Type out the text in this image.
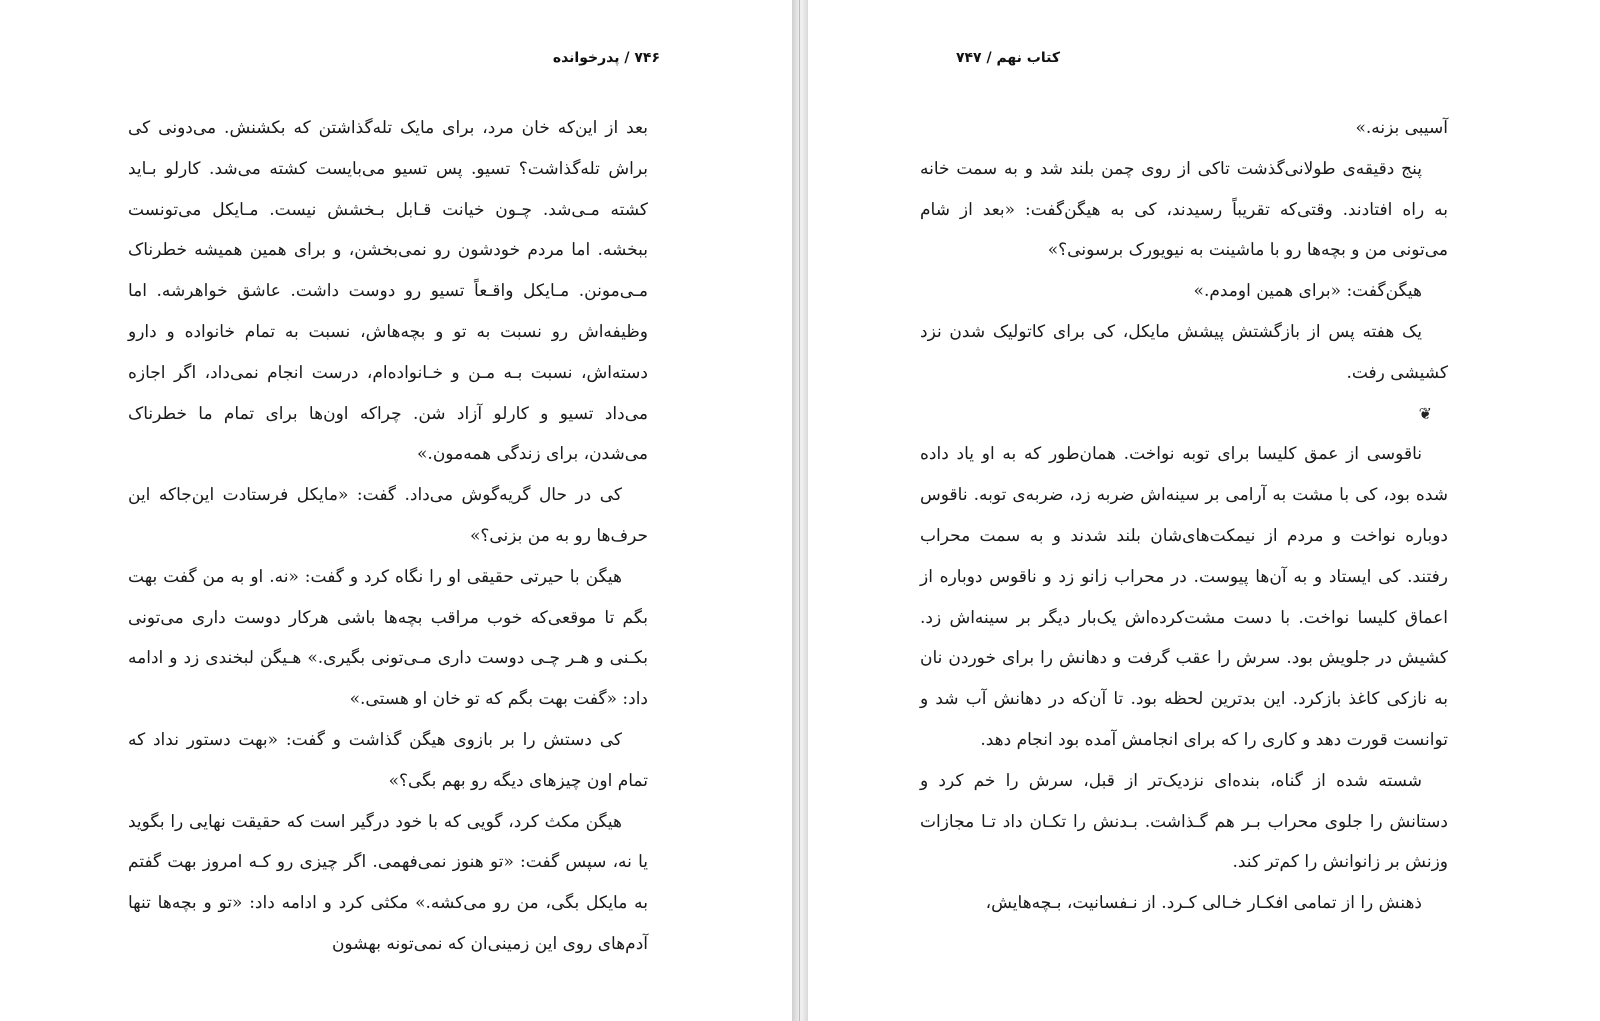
۷۴۶ / پدرخوانده

بعد از این‌که خان مرد، برای مایک تله‌گذاشتن که بکشنش. می‌دونی کی براش تله‌گذاشت؟ تسیو. پس تسیو می‌بایست کشته می‌شد. کارلو بـاید کشته مـی‌شد. چـون خیانت قـابل بـخشش نیست. مـایکل می‌تونست ببخشه. اما مردم خودشون رو نمی‌بخشن، و برای همین همیشه خطرناک مـی‌مونن. مـایکل واقـعاً تسیو رو دوست داشت. عاشق خواهرشه. اما وظیفه‌اش رو نسبت به تو و بچه‌هاش، نسبت به تمام خانواده و دارو دسته‌اش، نسبت بـه مـن و خـانواده‌ام، درست انجام نمی‌داد، اگر اجازه می‌داد تسیو و کارلو آزاد شن. چراکه اون‌ها برای تمام ما خطرناک می‌شدن، برای زندگی همه‌مون.»

کی در حال گریه‌گوش می‌داد. گفت: «مایکل فرستادت این‌جاکه این حرف‌ها رو به من بزنی؟»

هیگن با حیرتی حقیقی او را نگاه کرد و گفت: «نه. او به من گفت بهت بگم تا موقعی‌که خوب مراقب بچه‌ها باشی هرکار دوست داری می‌تونی بکـنی و هـر چـی دوست داری مـی‌تونی بگیری.» هـیگن لبخندی زد و ادامه داد: «گفت بهت بگم که تو خان او هستی.»

کی دستش را بر بازوی هیگن گذاشت و گفت: «بهت دستور نداد که تمام اون چیزهای دیگه رو بهم بگی؟»

هیگن مکث کرد، گویی که با خود درگیر است که حقیقت نهایی را بگوید یا نه، سپس گفت: «تو هنوز نمی‌فهمی. اگر چیزی رو کـه امروز بهت گفتم به مایکل بگی، من رو می‌کشه.» مکثی کرد و ادامه داد: «تو و بچه‌ها تنها آدم‌های روی این زمینی‌ان که نمی‌تونه بهشون

کتاب نهم / ۷۴۷

آسیبی بزنه.»

پنج دقیقه‌ی طولانی‌گذشت تاکی از روی چمن بلند شد و به سمت خانه به راه افتادند. وقتی‌که تقریباً رسیدند، کی به هیگن‌گفت: «بعد از شام می‌تونی من و بچه‌ها رو با ماشینت به نیویورک برسونی؟»

هیگن‌گفت: «برای همین اومدم.»

یک هفته پس از بازگشتش پیشش مایکل، کی برای کاتولیک شدن نزد کشیشی رفت.

❦

ناقوسی از عمق کلیسا برای توبه نواخت. همان‌طور که به او یاد داده شده بود، کی با مشت به آرامی بر سینه‌اش ضربه زد، ضربه‌ی توبه. ناقوس دوباره نواخت و مردم از نیمکت‌های‌شان بلند شدند و به سمت محراب رفتند. کی ایستاد و به آن‌ها پیوست. در محراب زانو زد و ناقوس دوباره از اعماق کلیسا نواخت. با دست مشت‌کرده‌اش یک‌بار دیگر بر سینه‌اش زد. کشیش در جلویش بود. سرش را عقب گرفت و دهانش را برای خوردن نان به نازکی کاغذ بازکرد. این بدترین لحظه بود. تا آن‌که در دهانش آب شد و توانست قورت دهد و کاری را که برای انجامش آمده بود انجام دهد.

شسته شده از گناه، بنده‌ای نزدیک‌تر از قبل، سرش را خم کرد و دستانش را جلوی محراب بـر هم گـذاشت. بـدنش را تکـان داد تـا مجازات وزنش بر زانوانش را کم‌تر کند.

ذهنش را از تمامی افکـار خـالی کـرد. از نـفسانیت، بـچه‌هایش،
